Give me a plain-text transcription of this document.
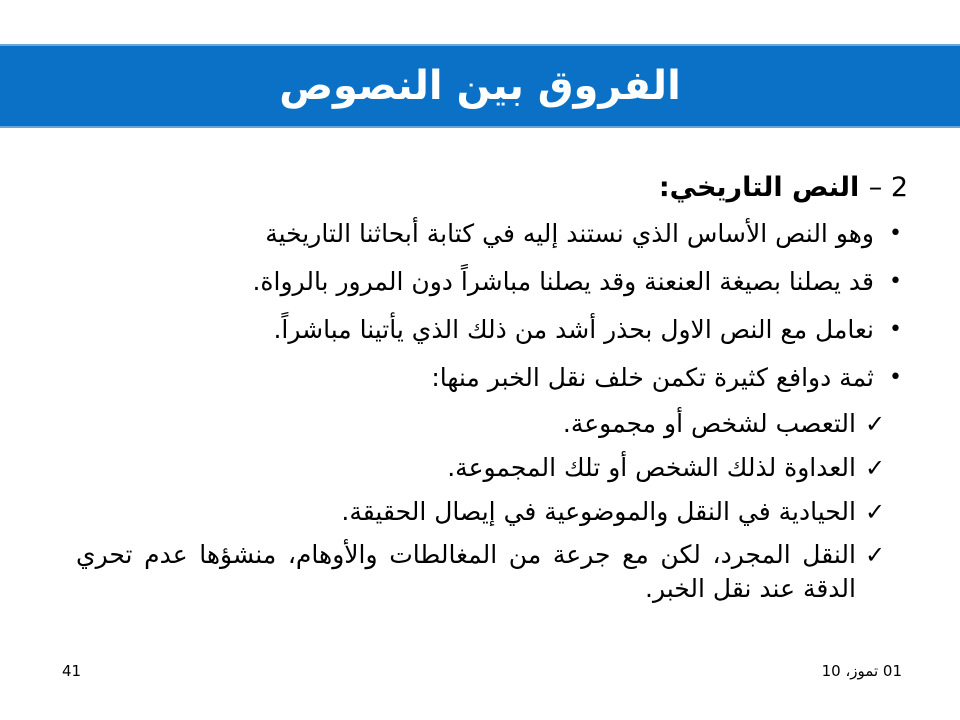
الفروق بين النصوص
2 – النص التاريخي:
•
وهو النص الأساس الذي نستند إليه في كتابة أبحاثنا التاريخية
•
قد يصلنا بصيغة العنعنة وقد يصلنا مباشراً دون المرور بالرواة.
•
نعامل مع النص الاول بحذر أشد من ذلك الذي يأتينا مباشراً.
•
ثمة دوافع كثيرة تكمن خلف نقل الخبر منها:
✓
التعصب لشخص أو مجموعة.
✓
العداوة لذلك الشخص أو تلك المجموعة.
✓
الحيادية في النقل والموضوعية في إيصال الحقيقة.
✓
النقل المجرد، لكن مع جرعة من المغالطات والأوهام، منشؤها عدم تحري الدقة عند نقل الخبر.
01 تموز، 10
41
